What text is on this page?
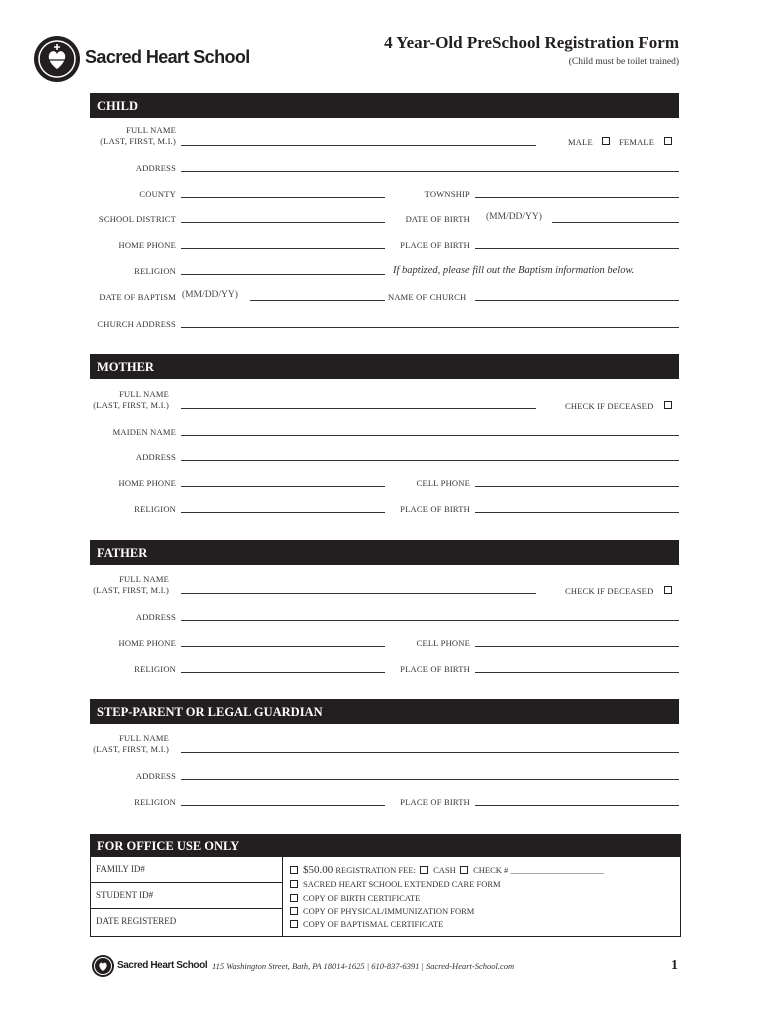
Sacred Heart School
4 Year-Old PreSchool Registration Form
(Child must be toilet trained)
CHILD
FULL NAME
(LAST, FIRST, M.I.)	MALE	FEMALE
ADDRESS
COUNTY	TOWNSHIP
SCHOOL DISTRICT	DATE OF BIRTH (MM/DD/YY)
HOME PHONE	PLACE OF BIRTH
RELIGION	If baptized, please fill out the Baptism information below.
DATE OF BAPTISM (MM/DD/YY)	NAME OF CHURCH
CHURCH ADDRESS
MOTHER
FULL NAME
(LAST, FIRST, M.I.)	CHECK IF DECEASED
MAIDEN NAME
ADDRESS
HOME PHONE	CELL PHONE
RELIGION	PLACE OF BIRTH
FATHER
FULL NAME
(LAST, FIRST, M.I.)	CHECK IF DECEASED
ADDRESS
HOME PHONE	CELL PHONE
RELIGION	PLACE OF BIRTH
STEP-PARENT OR LEGAL GUARDIAN
FULL NAME
(LAST, FIRST, M.I.)
ADDRESS
RELIGION	PLACE OF BIRTH
FOR OFFICE USE ONLY
FAMILY ID#
STUDENT ID#
DATE REGISTERED
$50.00 REGISTRATION FEE: CASH CHECK # ______________________
SACRED HEART SCHOOL EXTENDED CARE FORM
COPY OF BIRTH CERTIFICATE
COPY OF PHYSICAL/IMMUNIZATION FORM
COPY OF BAPTISMAL CERTIFICATE
Sacred Heart School 115 Washington Street, Bath, PA 18014-1625 | 610-837-6391 | Sacred-Heart-School.com	1
